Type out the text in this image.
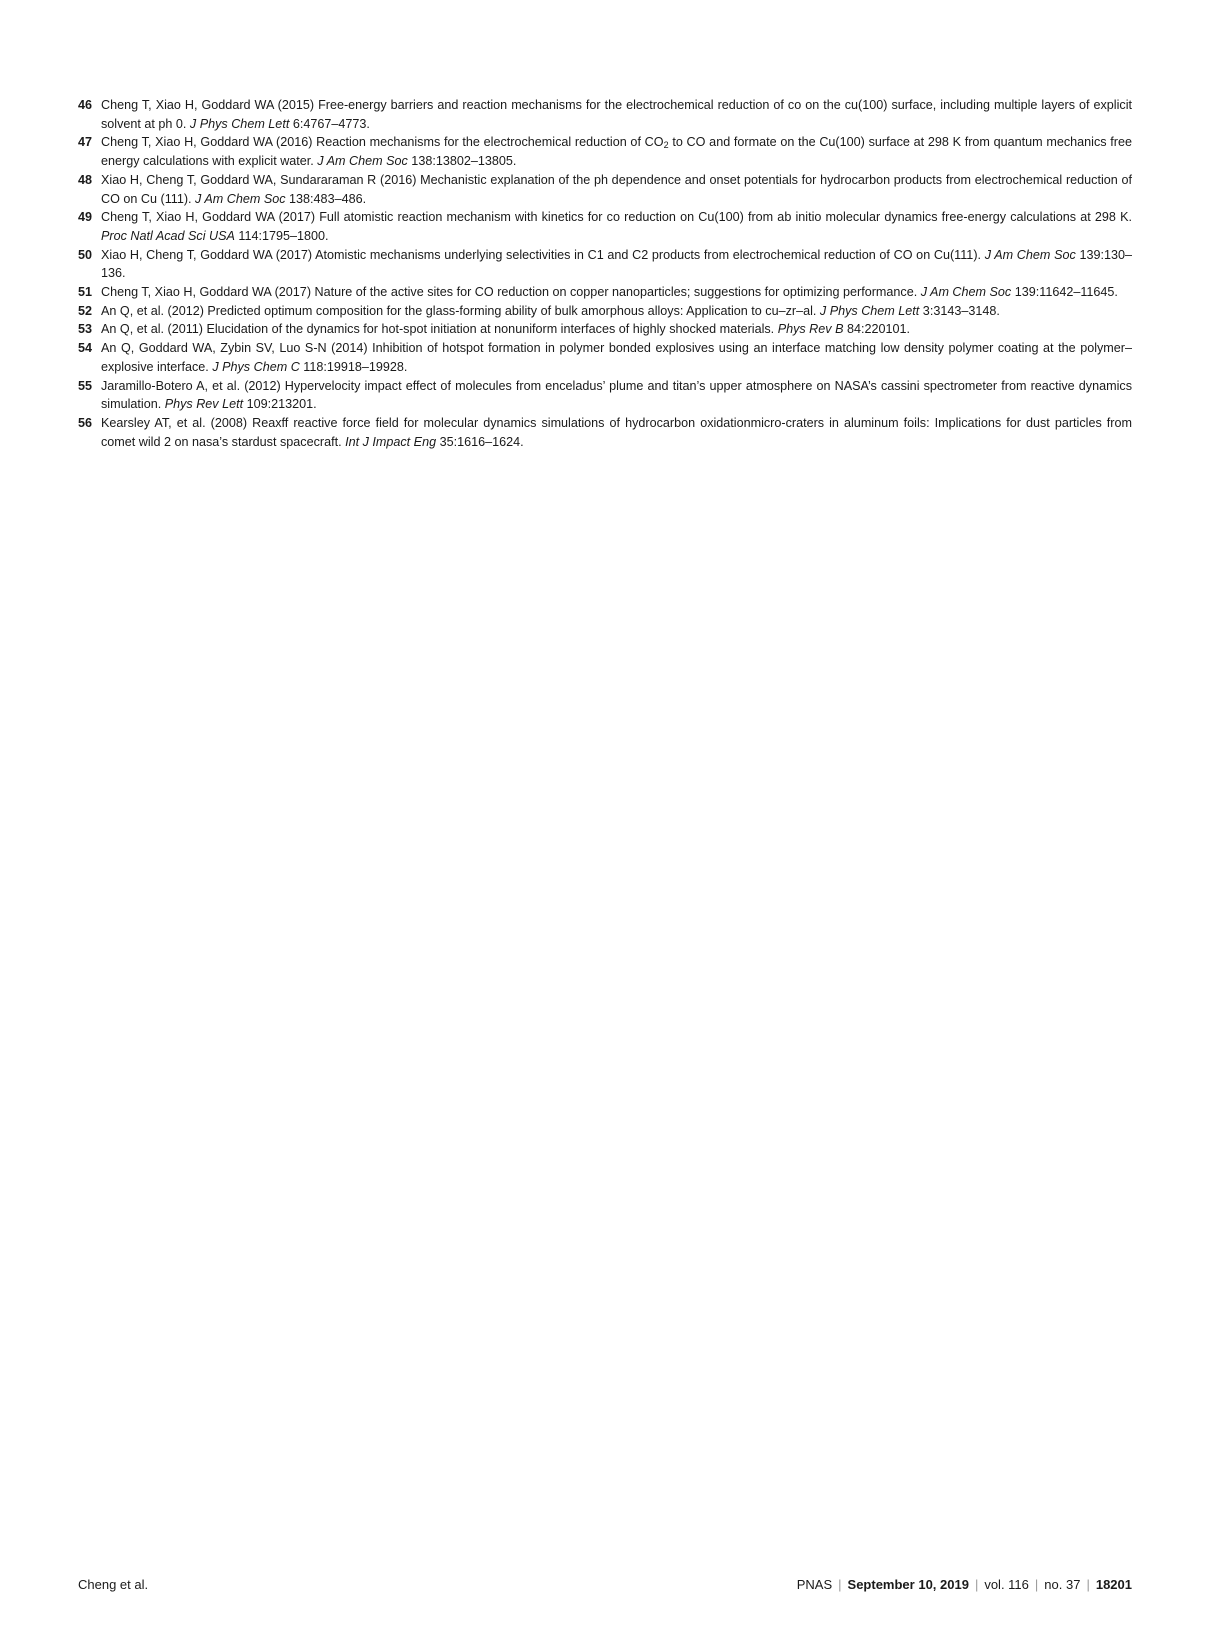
46 Cheng T, Xiao H, Goddard WA (2015) Free-energy barriers and reaction mechanisms for the electrochemical reduction of co on the cu(100) surface, including multiple layers of explicit solvent at ph 0. J Phys Chem Lett 6:4767–4773.
47 Cheng T, Xiao H, Goddard WA (2016) Reaction mechanisms for the electrochemical reduction of $CO_2$ to CO and formate on the Cu(100) surface at 298 K from quantum mechanics free energy calculations with explicit water. J Am Chem Soc 138:13802–13805.
48 Xiao H, Cheng T, Goddard WA, Sundararaman R (2016) Mechanistic explanation of the ph dependence and onset potentials for hydrocarbon products from electrochemical reduction of CO on Cu (111). J Am Chem Soc 138:483–486.
49 Cheng T, Xiao H, Goddard WA (2017) Full atomistic reaction mechanism with kinetics for co reduction on Cu(100) from ab initio molecular dynamics free-energy calculations at 298 K. Proc Natl Acad Sci USA 114:1795–1800.
50 Xiao H, Cheng T, Goddard WA (2017) Atomistic mechanisms underlying selectivities in C1 and C2 products from electrochemical reduction of CO on Cu(111). J Am Chem Soc 139:130–136.
51 Cheng T, Xiao H, Goddard WA (2017) Nature of the active sites for CO reduction on copper nanoparticles; suggestions for optimizing performance. J Am Chem Soc 139:11642–11645.
52 An Q, et al. (2012) Predicted optimum composition for the glass-forming ability of bulk amorphous alloys: Application to cu–zr–al. J Phys Chem Lett 3:3143–3148.
53 An Q, et al. (2011) Elucidation of the dynamics for hot-spot initiation at nonuniform interfaces of highly shocked materials. Phys Rev B 84:220101.
54 An Q, Goddard WA, Zybin SV, Luo S-N (2014) Inhibition of hotspot formation in polymer bonded explosives using an interface matching low density polymer coating at the polymer–explosive interface. J Phys Chem C 118:19918–19928.
55 Jaramillo-Botero A, et al. (2012) Hypervelocity impact effect of molecules from enceladus’ plume and titan’s upper atmosphere on NASA’s cassini spectrometer from reactive dynamics simulation. Phys Rev Lett 109:213201.
56 Kearsley AT, et al. (2008) Reaxff reactive force field for molecular dynamics simulations of hydrocarbon oxidationmicro-craters in aluminum foils: Implications for dust particles from comet wild 2 on nasa’s stardust spacecraft. Int J Impact Eng 35:1616–1624.
Cheng et al.	PNAS | September 10, 2019 | vol. 116 | no. 37 | 18201
